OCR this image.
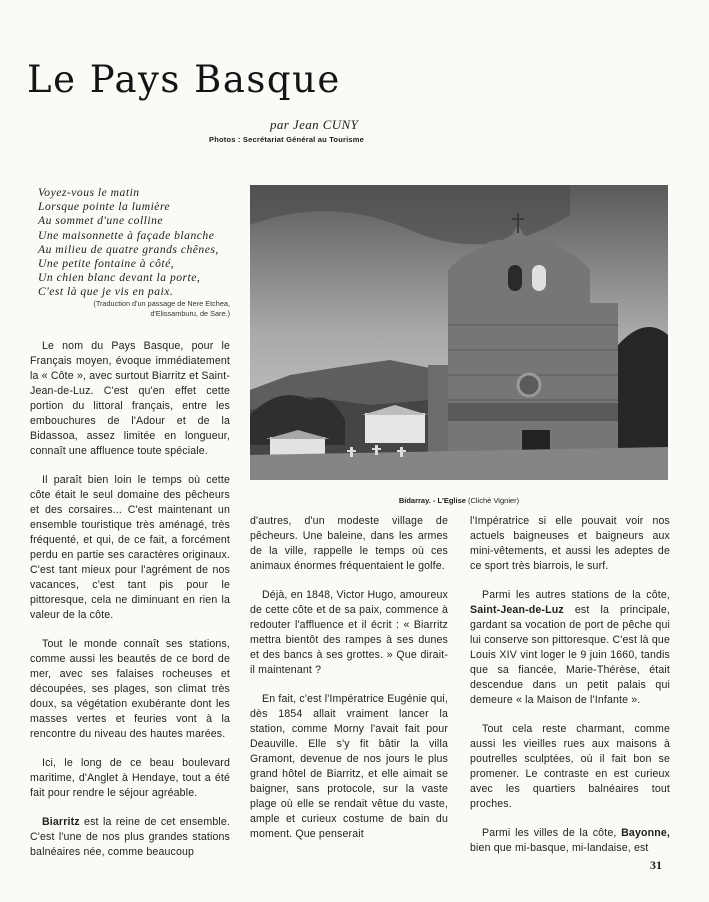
Le Pays Basque
par Jean CUNY
Photos : Secrétariat Général au Tourisme
Voyez-vous le matin
Lorsque pointe la lumière
Au sommet d'une colline
Une maisonnette à façade blanche
Au milieu de quatre grands chênes,
Une petite fontaine à côté,
Un chien blanc devant la porte,
C'est là que je vis en paix.
(Traduction d'un passage de Nere Etchea,
d'Elissamburu, de Sare.)
Bidarray. - L'Eglise (Cliché Vignier)

Le nom du Pays Basque, pour le Français moyen, évoque immédiatement la « Côte », avec surtout Biarritz et Saint-Jean-de-Luz. C'est qu'en effet cette portion du littoral français, entre les embouchures de l'Adour et de la Bidassoa, assez limitée en longueur, connaît une affluence toute spéciale.

Il paraît bien loin le temps où cette côte était le seul domaine des pêcheurs et des corsaires... C'est maintenant un ensemble touristique très aménagé, très fréquenté, et qui, de ce fait, a forcément perdu en partie ses caractères originaux. C'est tant mieux pour l'agrément de nos vacances, c'est tant pis pour le pittoresque, cela ne diminuant en rien la valeur de la côte.

Tout le monde connaît ses stations, comme aussi les beautés de ce bord de mer, avec ses falaises rocheuses et découpées, ses plages, son climat très doux, sa végétation exubérante dont les masses vertes et feuries vont à la rencontre du niveau des hautes marées.

Ici, le long de ce beau boulevard maritime, d'Anglet à Hendaye, tout a été fait pour rendre le séjour agréable.

Biarritz est la reine de cet ensemble. C'est l'une de nos plus grandes stations balnéaires née, comme beaucoup

d'autres, d'un modeste village de pêcheurs. Une baleine, dans les armes de la ville, rappelle le temps où ces animaux énormes fréquentaient le golfe.

Déjà, en 1848, Victor Hugo, amoureux de cette côte et de sa paix, commence à redouter l'affluence et il écrit : « Biarritz mettra bientôt des rampes à ses dunes et des bancs à ses grottes. » Que dirait-il maintenant ?

En fait, c'est l'Impératrice Eugénie qui, dès 1854 allait vraiment lancer la station, comme Morny l'avait fait pour Deauville. Elle s'y fit bâtir la villa Gramont, devenue de nos jours le plus grand hôtel de Biarritz, et elle aimait se baigner, sans protocole, sur la vaste plage où elle se rendait vêtue du vaste, ample et curieux costume de bain du moment. Que penserait

l'Impératrice si elle pouvait voir nos actuels baigneuses et baigneurs aux mini-vêtements, et aussi les adeptes de ce sport très biarrois, le surf.

Parmi les autres stations de la côte, Saint-Jean-de-Luz est la principale, gardant sa vocation de port de pêche qui lui conserve son pittoresque. C'est là que Louis XIV vint loger le 9 juin 1660, tandis que sa fiancée, Marie-Thérèse, était descendue dans un petit palais qui demeure « la Maison de l'Infante ».

Tout cela reste charmant, comme aussi les vieilles rues aux maisons à poutrelles sculptées, où il fait bon se promener. Le contraste en est curieux avec les quartiers balnéaires tout proches.

Parmi les villes de la côte, Bayonne, bien que mi-basque, mi-landaise, est

31
